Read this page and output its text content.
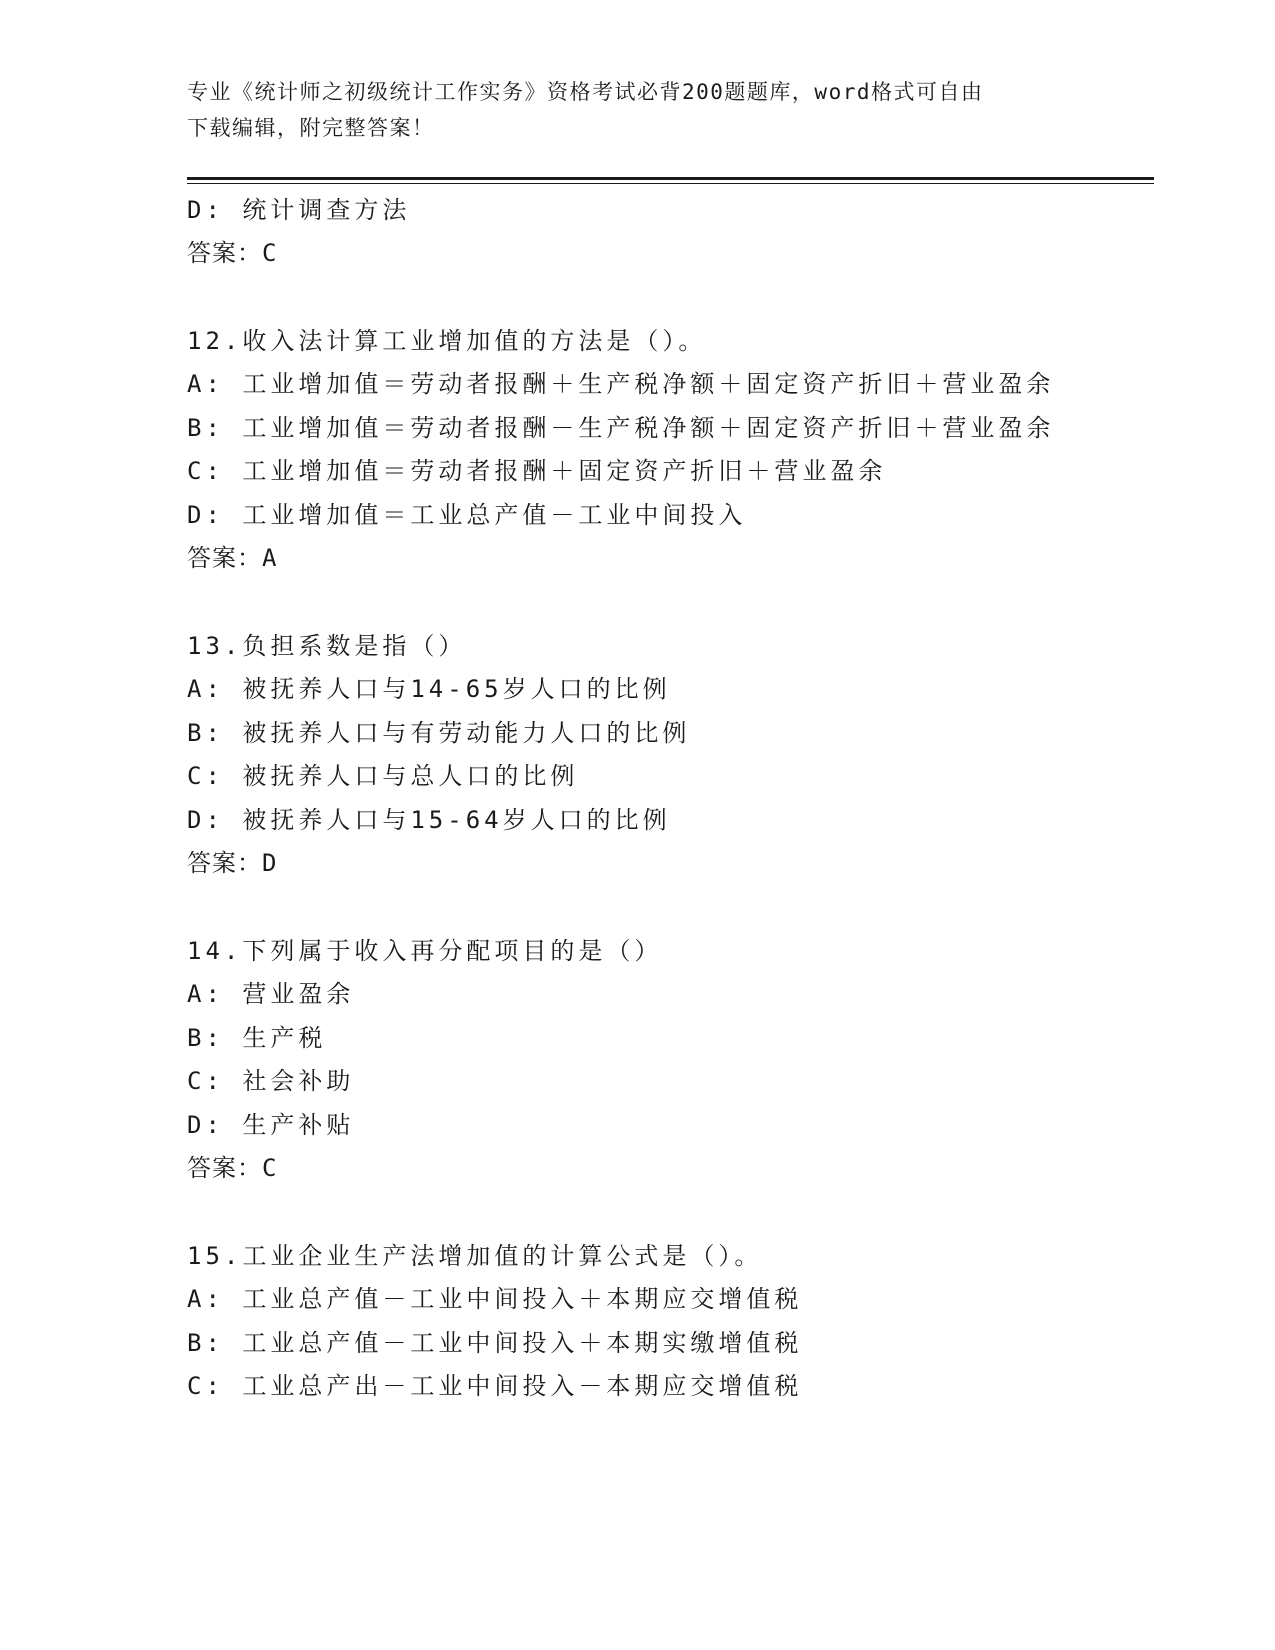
专业《统计师之初级统计工作实务》资格考试必背200题题库，word格式可自由
下载编辑，附完整答案！
D: 统计调查方法
答案：C
12.收入法计算工业增加值的方法是（）。
A: 工业增加值＝劳动者报酬＋生产税净额＋固定资产折旧＋营业盈余
B: 工业增加值＝劳动者报酬－生产税净额＋固定资产折旧＋营业盈余
C: 工业增加值＝劳动者报酬＋固定资产折旧＋营业盈余
D: 工业增加值＝工业总产值－工业中间投入
答案：A
13.负担系数是指（）
A: 被抚养人口与14-65岁人口的比例
B: 被抚养人口与有劳动能力人口的比例
C: 被抚养人口与总人口的比例
D: 被抚养人口与15-64岁人口的比例
答案：D
14.下列属于收入再分配项目的是（）
A: 营业盈余
B: 生产税
C: 社会补助
D: 生产补贴
答案：C
15.工业企业生产法增加值的计算公式是（）。
A: 工业总产值－工业中间投入＋本期应交增值税
B: 工业总产值－工业中间投入＋本期实缴增值税
C: 工业总产出－工业中间投入－本期应交增值税
